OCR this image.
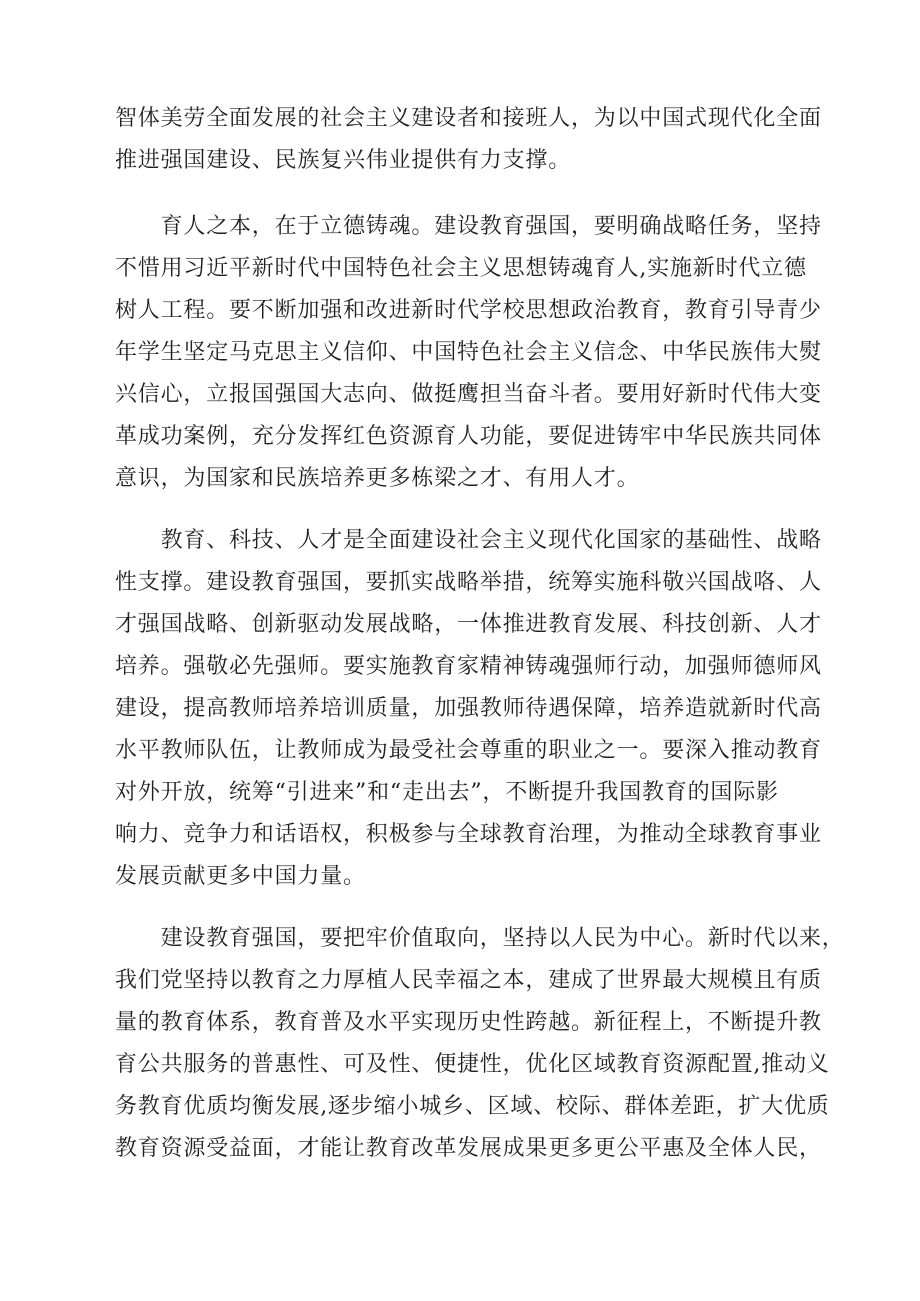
智体美劳全面发展的社会主义建设者和接班人，为以中国式现代化全面
推进强国建设、民族复兴伟业提供有力支撑。

　　育人之本，在于立德铸魂。建设教育强国，要明确战略任务，坚持
不惜用习近平新时代中国特色社会主义思想铸魂育人,实施新时代立德
树人工程。要不断加强和改进新时代学校思想政治教育，教育引导青少
年学生坚定马克思主义信仰、中国特色社会主义信念、中华民族伟大熨
兴信心，立报国强国大志向、做挺鹰担当奋斗者。要用好新时代伟大变
革成功案例，充分发挥红色资源育人功能，要促进铸牢中华民族共同体
意识，为国家和民族培养更多栋梁之才、有用人才。

　　教育、科技、人才是全面建设社会主义现代化国家的基础性、战略
性支撑。建设教育强国，要抓实战略举措，统筹实施科敬兴国战咯、人
才强国战略、创新驱动发展战略，一体推进教育发展、科技创新、人才
培养。强敬必先强师。要实施教育家精神铸魂强师行动，加强师德师风
建设，提高教师培养培训质量，加强教师待遇保障，培养造就新时代高
水平教师队伍，让教师成为最受社会尊重的职业之一。要深入推动教育
对外开放，统筹“引进来”和“走出去”，不断提升我国教育的国际影
响力、竞争力和话语权，积极参与全球教育治理，为推动全球教育事业
发展贡献更多中国力量。

　　建设教育强国，要把牢价值取向，坚持以人民为中心。新时代以来，
我们党坚持以教育之力厚植人民幸福之本，建成了世界最大规模且有质
量的教育体系，教育普及水平实现历史性跨越。新征程上，不断提升教
育公共服务的普惠性、可及性、便捷性，优化区域教育资源配置,推动义
务教育优质均衡发展,逐步缩小城乡、区域、校际、群体差距，扩大优质
教育资源受益面，才能让教育改革发展成果更多更公平惠及全体人民，
